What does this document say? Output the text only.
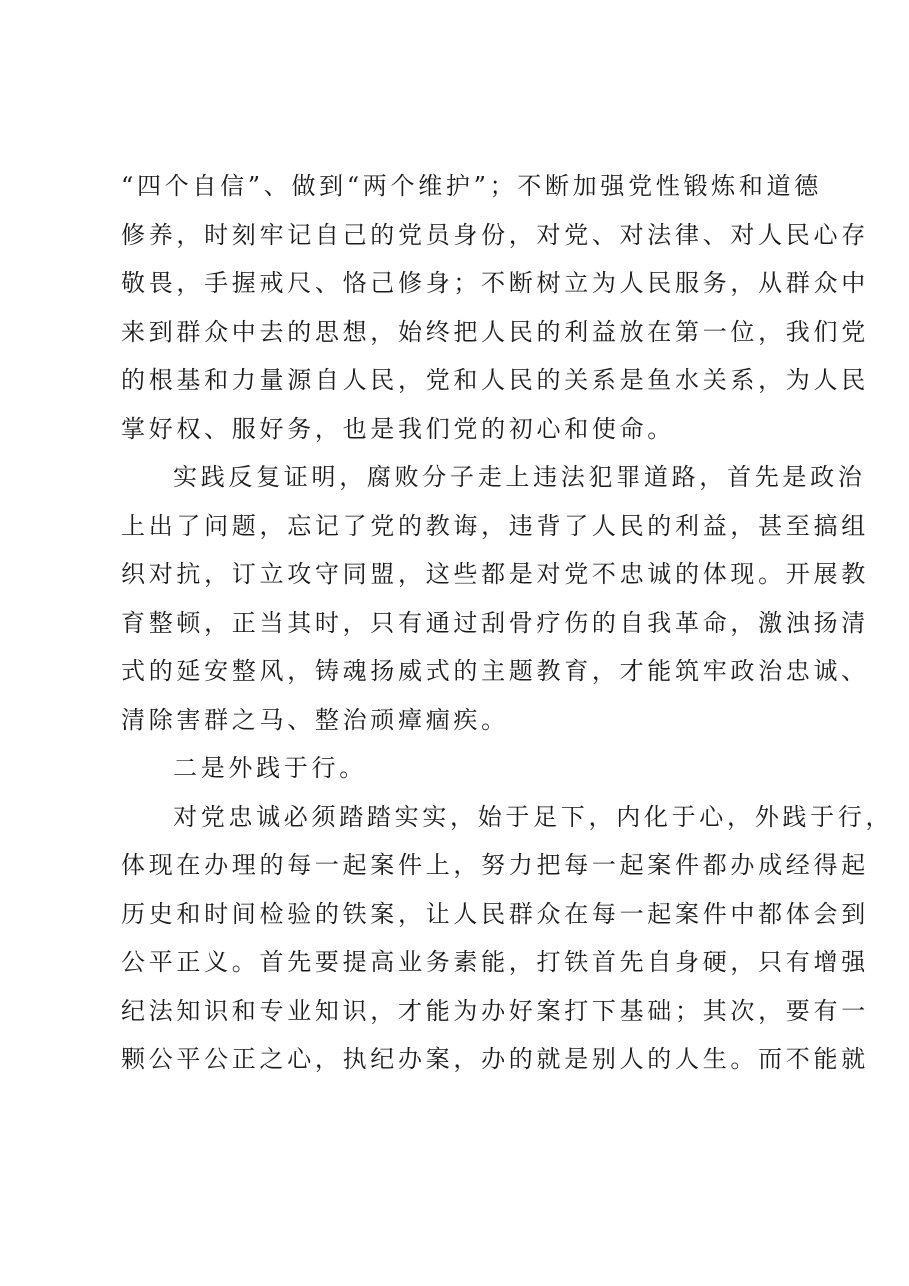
“四个自信”、做到“两个维护”；不断加强党性锻炼和道德
修养，时刻牢记自己的党员身份，对党、对法律、对人民心存
敬畏，手握戒尺、恪己修身；不断树立为人民服务，从群众中
来到群众中去的思想，始终把人民的利益放在第一位，我们党
的根基和力量源自人民，党和人民的关系是鱼水关系，为人民
掌好权、服好务，也是我们党的初心和使命。
实践反复证明，腐败分子走上违法犯罪道路，首先是政治
上出了问题，忘记了党的教诲，违背了人民的利益，甚至搞组
织对抗，订立攻守同盟，这些都是对党不忠诚的体现。开展教
育整顿，正当其时，只有通过刮骨疗伤的自我革命，激浊扬清
式的延安整风，铸魂扬威式的主题教育，才能筑牢政治忠诚、
清除害群之马、整治顽瘴痼疾。
二是外践于行。
对党忠诚必须踏踏实实，始于足下，内化于心，外践于行，
体现在办理的每一起案件上，努力把每一起案件都办成经得起
历史和时间检验的铁案，让人民群众在每一起案件中都体会到
公平正义。首先要提高业务素能，打铁首先自身硬，只有增强
纪法知识和专业知识，才能为办好案打下基础；其次，要有一
颗公平公正之心，执纪办案，办的就是别人的人生。而不能就
